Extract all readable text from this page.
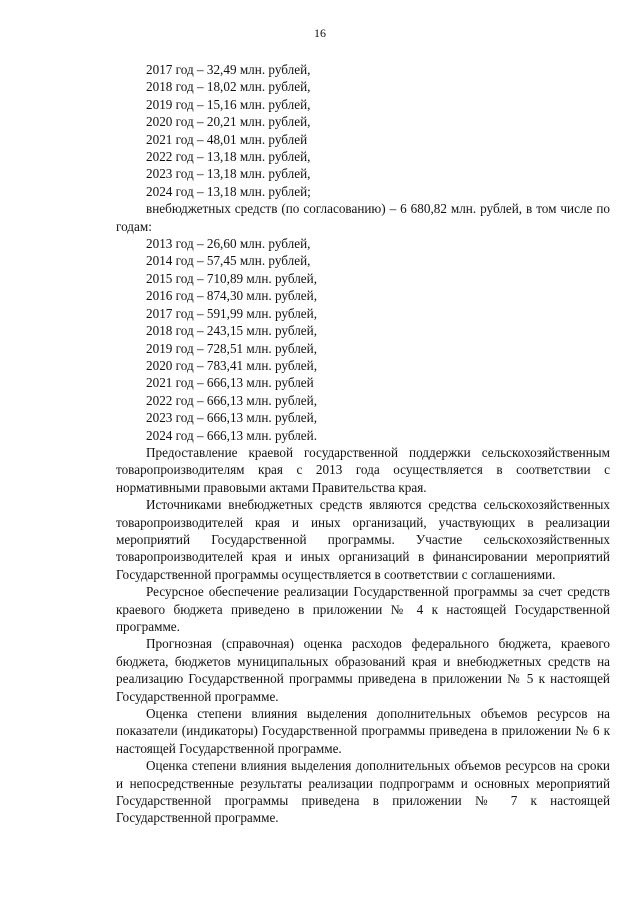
16
2017 год – 32,49 млн. рублей,
2018 год – 18,02 млн. рублей,
2019 год – 15,16 млн. рублей,
2020 год – 20,21 млн. рублей,
2021 год – 48,01 млн. рублей
2022 год – 13,18 млн. рублей,
2023 год – 13,18 млн. рублей,
2024 год – 13,18 млн. рублей;

внебюджетных средств (по согласованию) – 6 680,82 млн. рублей, в том числе по годам:

2013 год – 26,60 млн. рублей,
2014 год – 57,45 млн. рублей,
2015 год – 710,89 млн. рублей,
2016 год – 874,30 млн. рублей,
2017 год – 591,99 млн. рублей,
2018 год – 243,15 млн. рублей,
2019 год – 728,51 млн. рублей,
2020 год – 783,41 млн. рублей,
2021 год – 666,13 млн. рублей
2022 год – 666,13 млн. рублей,
2023 год – 666,13 млн. рублей,
2024 год – 666,13 млн. рублей.

Предоставление краевой государственной поддержки сельскохозяйственным товаропроизводителям края с 2013 года осуществляется в соответствии с нормативными правовыми актами Правительства края.

Источниками внебюджетных средств являются средства сельскохозяйственных товаропроизводителей края и иных организаций, участвующих в реализации мероприятий Государственной программы. Участие сельскохозяйственных товаропроизводителей края и иных организаций в финансировании мероприятий Государственной программы осуществляется в соответствии с соглашениями.

Ресурсное обеспечение реализации Государственной программы за счет средств краевого бюджета приведено в приложении № 4 к настоящей Государственной программе.

Прогнозная (справочная) оценка расходов федерального бюджета, краевого бюджета, бюджетов муниципальных образований края и внебюджетных средств на реализацию Государственной программы приведена в приложении № 5 к настоящей Государственной программе.

Оценка степени влияния выделения дополнительных объемов ресурсов на показатели (индикаторы) Государственной программы приведена в приложении № 6 к настоящей Государственной программе.

Оценка степени влияния выделения дополнительных объемов ресурсов на сроки и непосредственные результаты реализации подпрограмм и основных мероприятий Государственной программы приведена в приложении № 7 к настоящей Государственной программе.
